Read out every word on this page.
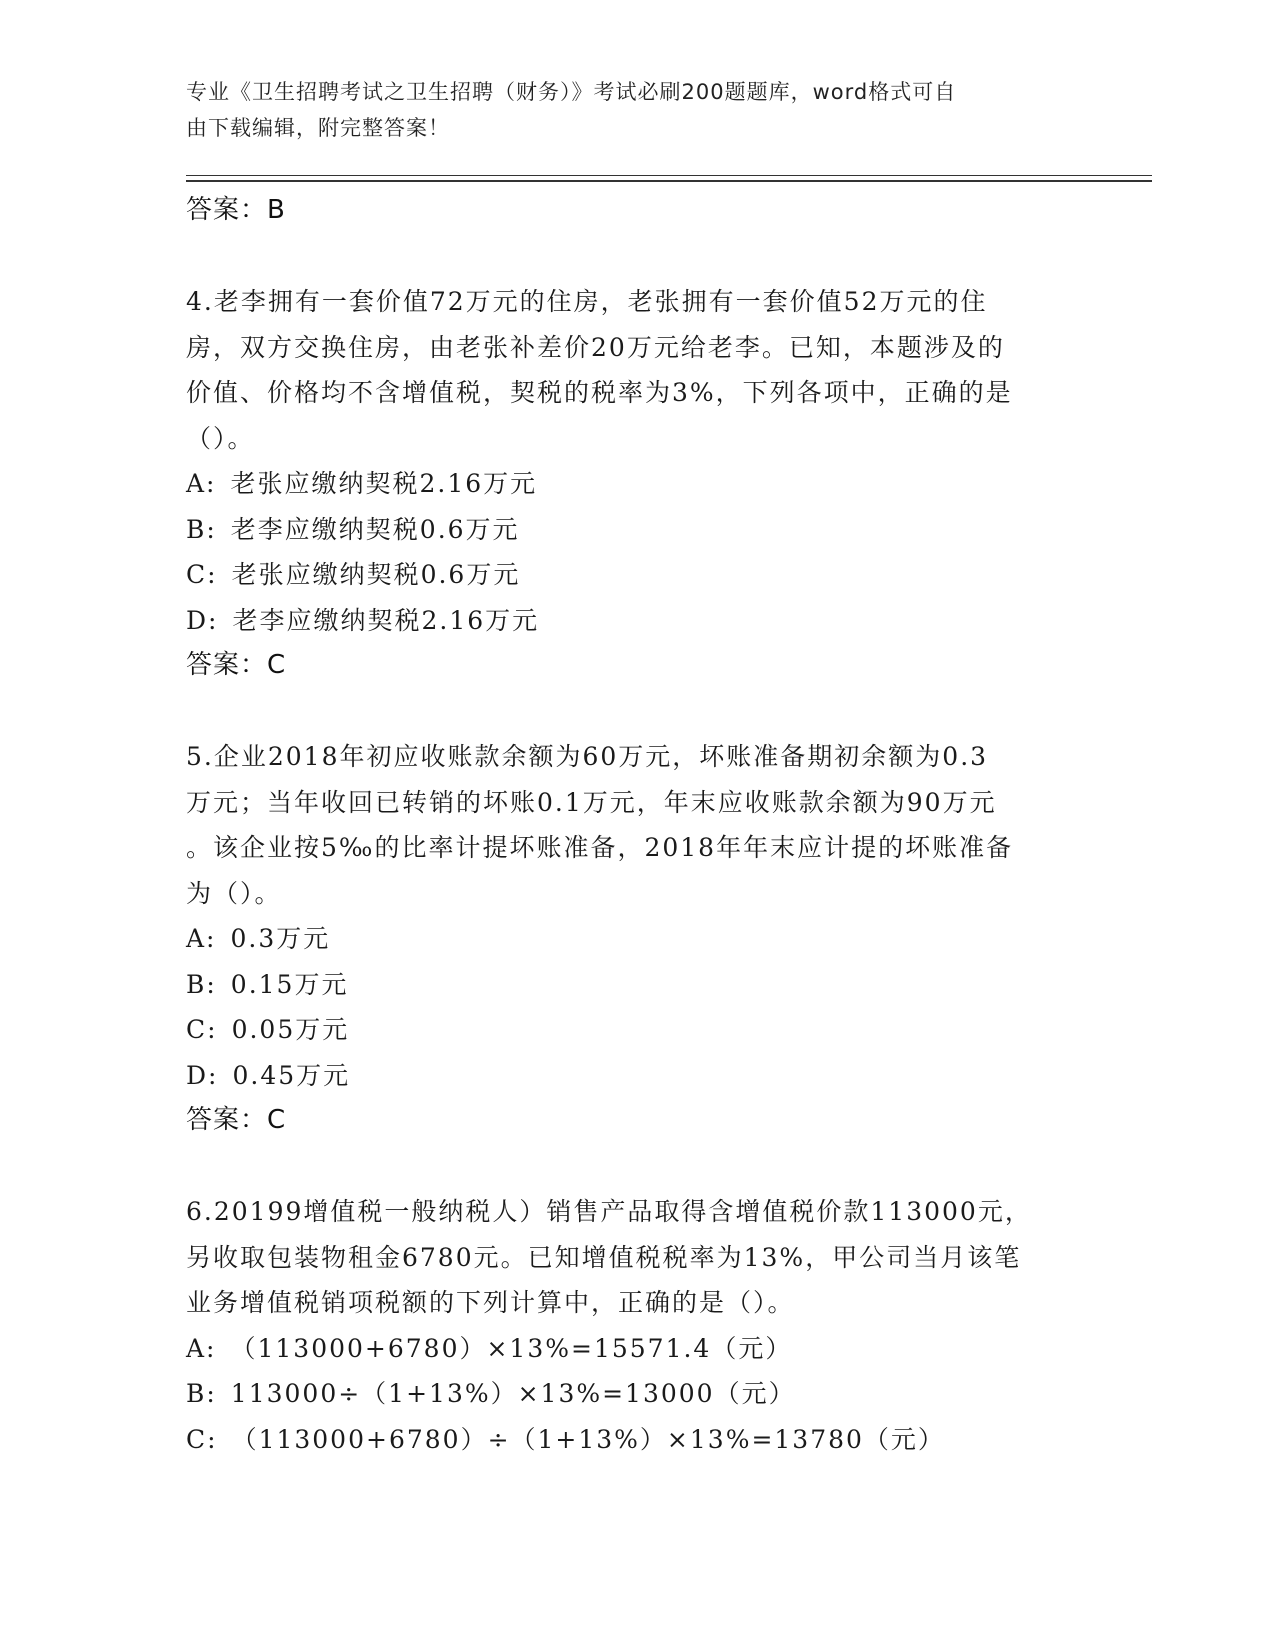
专业《卫生招聘考试之卫生招聘（财务）》考试必刷200题题库，word格式可自
由下载编辑，附完整答案！
答案：B
4.老李拥有一套价值72万元的住房，老张拥有一套价值52万元的住
房，双方交换住房，由老张补差价20万元给老李。已知，本题涉及的
价值、价格均不含增值税，契税的税率为3%，下列各项中，正确的是
（）。
A: 老张应缴纳契税2.16万元
B: 老李应缴纳契税0.6万元
C: 老张应缴纳契税0.6万元
D: 老李应缴纳契税2.16万元
答案：C
5.企业2018年初应收账款余额为60万元，坏账准备期初余额为0.3
万元；当年收回已转销的坏账0.1万元，年末应收账款余额为90万元
。该企业按5‰的比率计提坏账准备，2018年年末应计提的坏账准备
为（）。
A: 0.3万元
B: 0.15万元
C: 0.05万元
D: 0.45万元
答案：C
6.20199增值税一般纳税人）销售产品取得含增值税价款113000元，
另收取包装物租金6780元。已知增值税税率为13%，甲公司当月该笔
业务增值税销项税额的下列计算中，正确的是（）。
A: （113000+6780）×13%=15571.4（元）
B: 113000÷（1+13%）×13%=13000（元）
C: （113000+6780）÷（1+13%）×13%=13780（元）
